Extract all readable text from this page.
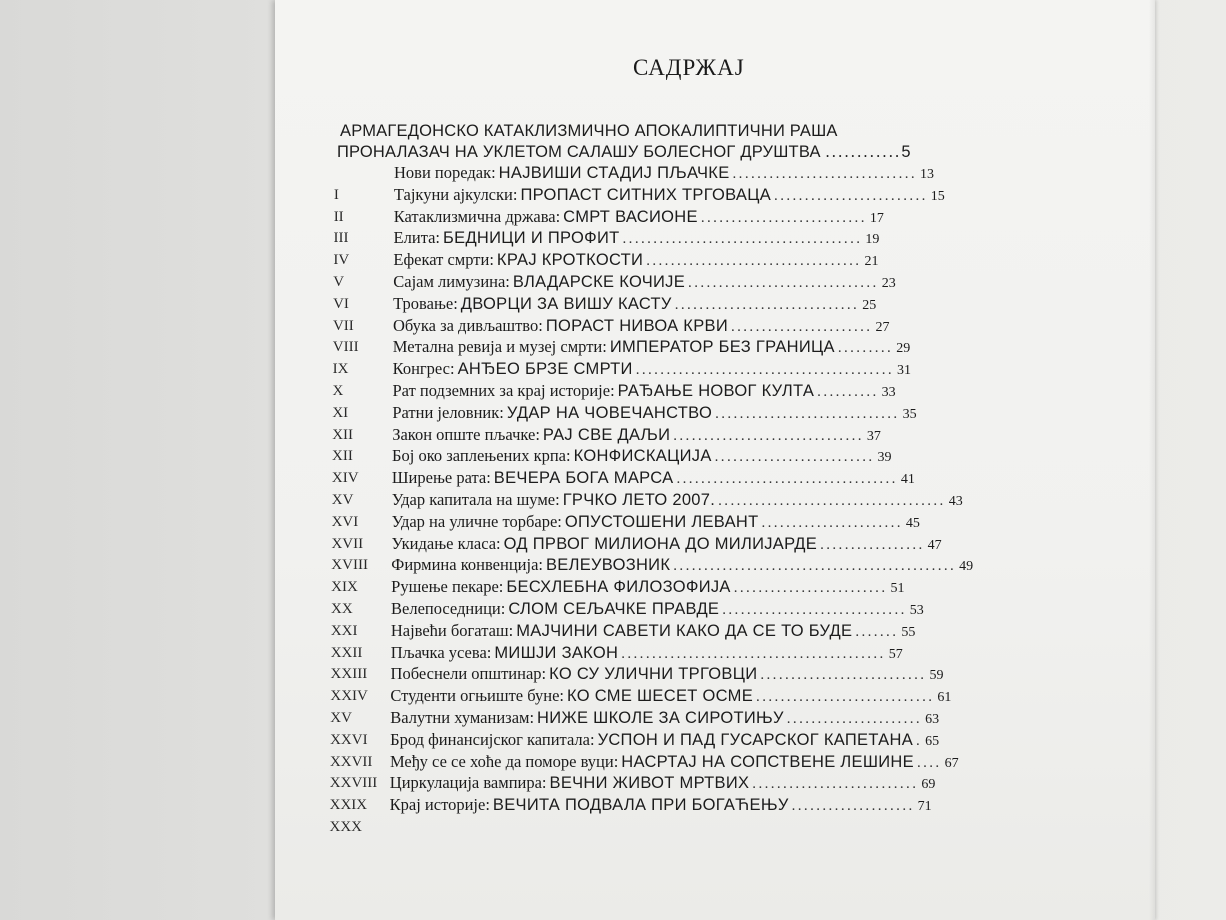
САДРЖАЈ
АРМАГЕДОНСКО КАТАКЛИЗМИЧНО АПОКАЛИПТИЧНИ РАША
ПРОНАЛАЗАЧ НА УКЛЕТОМ САЛАШУ БОЛЕСНОГ ДРУШТВА ............5
Нови поредак: НАЈВИШИ СТАДИЈ ПЉАЧКЕ .............................. 13
I	Тајкуни ајкулски: ПРОПАСТ СИТНИХ ТРГОВАЦА ......................... 15
II	Катаклизмична држава: СМРТ ВАСИОНЕ ........................... 17
III	Елита: БЕДНИЦИ И ПРОФИТ ....................................... 19
IV	Ефекат смрти: КРАЈ КРОТКОСТИ ................................... 21
V	Сајам лимузина: ВЛАДАРСКЕ КОЧИЈЕ ............................... 23
VI	Тровање: ДВОРЦИ ЗА ВИШУ КАСТУ .............................. 25
VII Обука за дивљаштво: ПОРАСТ НИВОА КРВИ ....................... 27
VIII Метална ревија и музеј смрти: ИМПЕРАТОР БЕЗ ГРАНИЦА ......... 29
IX	Конгрес: АНЂЕО БРЗЕ СМРТИ .......................................... 31
X	Рат подземних за крај историје: РАЂАЊЕ НОВОГ КУЛТА .......... 33
XI	Ратни јеловник: УДАР НА ЧОВЕЧАНСТВО .............................. 35
XII Закон опште пљачке: РАЈ СВЕ ДАЉИ ............................... 37
XII Бој око заплењених крпа: КОНФИСКАЦИЈА .......................... 39
XIV Ширење рата: ВЕЧЕРА БОГА МАРСА .................................... 41
XV Удар капитала на шуме: ГРЧКО ЛЕТО 2007. ..................................... 43
XVI Удар на уличне торбаре: ОПУСТОШЕНИ ЛЕВАНТ ....................... 45
XVII Укидање класа: ОД ПРВОГ МИЛИОНА ДО МИЛИЈАРДЕ ................. 47
XVIII Фирмина конвенција: ВЕЛЕУВОЗНИК .............................................. 49
XIX Рушење пекаре: БЕСХЛЕБНА ФИЛОЗОФИЈА ......................... 51
XX Велепоседници: СЛОМ СЕЉАЧКЕ ПРАВДЕ .............................. 53
XXI Највећи богаташ: МАЈЧИНИ САВЕТИ КАКО ДА СЕ ТО БУДЕ ....... 55
XXII Пљачка усева: МИШЈИ ЗАКОН ........................................... 57
XXIII Побеснели општинар: КО СУ УЛИЧНИ ТРГОВЦИ ........................... 59
XXIV Студенти огњиште буне: КО СМЕ ШЕСЕТ ОСМЕ ............................. 61
XV Валутни хуманизам: НИЖЕ ШКОЛЕ ЗА СИРОТИЊУ ...................... 63
XXVI Брод финансијског капитала: УСПОН И ПАД ГУСАРСКОГ КАПЕТАНА . 65
XXVII Међу се се хоће да поморе вуци: НАСРТАЈ НА СОПСТВЕНЕ ЛЕШИНЕ .... 67
XXVIII Циркулација вампира: ВЕЧНИ ЖИВОТ МРТВИХ ........................... 69
XXIX Крај историје: ВЕЧИТА ПОДВАЛА ПРИ БОГАЋЕЊУ .................... 71
XXX
